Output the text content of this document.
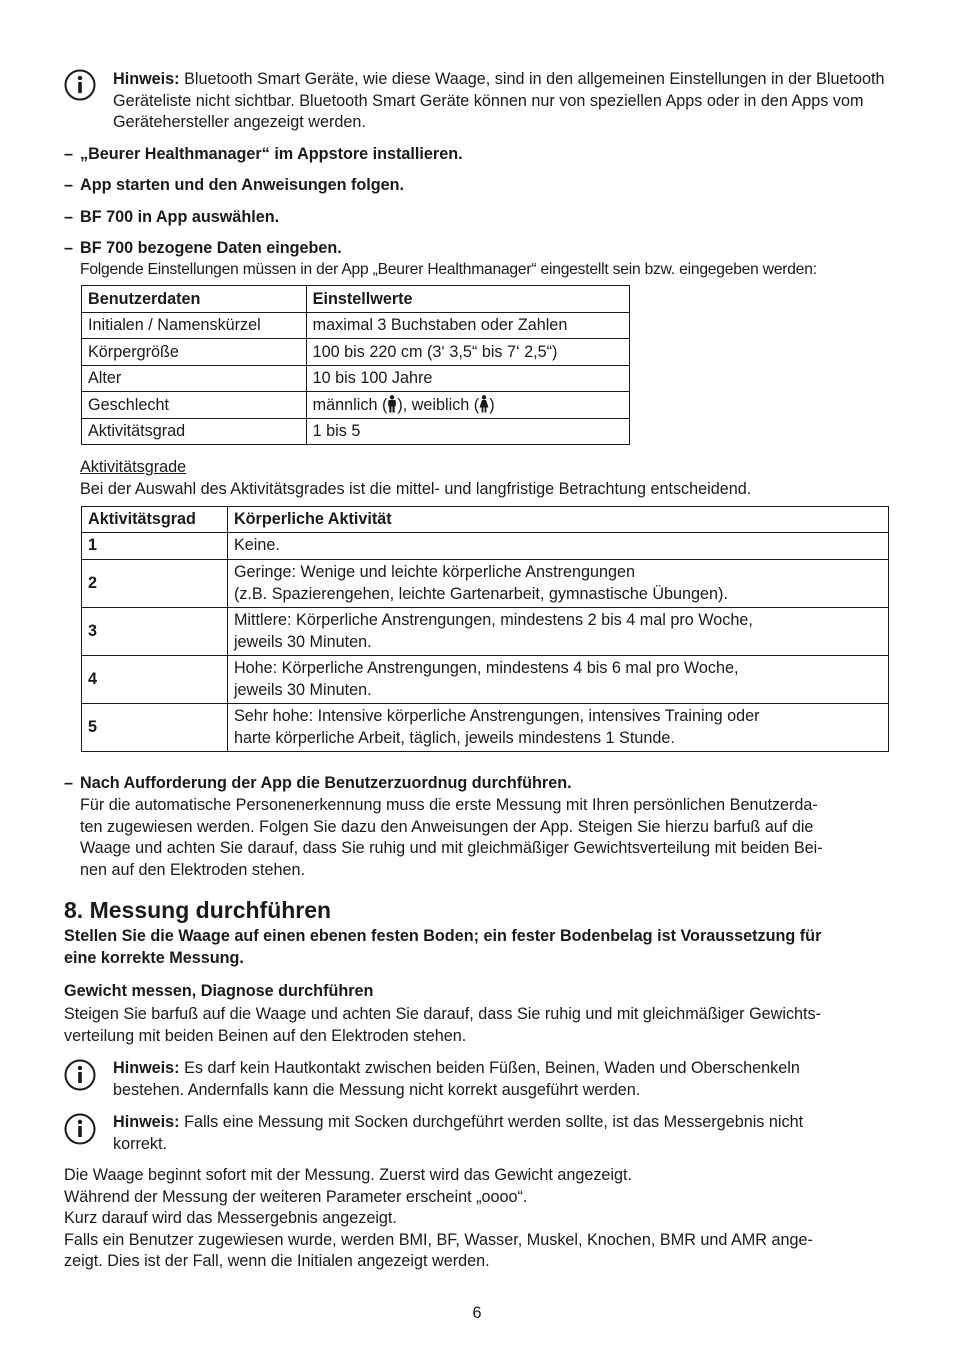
Hinweis: Bluetooth Smart Geräte, wie diese Waage, sind in den allgemeinen Einstellungen in der Bluetooth Geräteliste nicht sichtbar. Bluetooth Smart Geräte können nur von speziellen Apps oder in den Apps vom Gerätehersteller angezeigt werden.
– „Beurer Healthmanager“ im Appstore installieren.
– App starten und den Anweisungen folgen.
– BF 700 in App auswählen.
– BF 700 bezogene Daten eingeben.
Folgende Einstellungen müssen in der App „Beurer Healthmanager“ eingestellt sein bzw. eingegeben werden:
Benutzerdaten	Einstellwerte
Initialen / Namenskürzel	maximal 3 Buchstaben oder Zahlen
Körpergröße	100 bis 220 cm (3‘ 3,5“ bis 7‘ 2,5“)
Alter	10 bis 100 Jahre
Geschlecht	männlich ( ), weiblich ( )
Aktivitätsgrad	1 bis 5
Aktivitätsgrade
Bei der Auswahl des Aktivitätsgrades ist die mittel- und langfristige Betrachtung entscheidend.
Aktivitätsgrad	Körperliche Aktivität
1	Keine.
2	Geringe: Wenige und leichte körperliche Anstrengungen
(z.B. Spazierengehen, leichte Gartenarbeit, gymnastische Übungen).

3	Mittlere: Körperliche Anstrengungen, mindestens 2 bis 4 mal pro Woche,
jeweils 30 Minuten.

4	Hohe: Körperliche Anstrengungen, mindestens 4 bis 6 mal pro Woche,
jeweils 30 Minuten.

5	Sehr hohe: Intensive körperliche Anstrengungen, intensives Training oder
harte körperliche Arbeit, täglich, jeweils mindestens 1 Stunde.
– Nach Aufforderung der App die Benutzerzuordnug durchführen.
Für die automatische Personenerkennung muss die erste Messung mit Ihren persönlichen Benutzerda-
ten zugewiesen werden. Folgen Sie dazu den Anweisungen der App. Steigen Sie hierzu barfuß auf die
Waage und achten Sie darauf, dass Sie ruhig und mit gleichmäßiger Gewichtsverteilung mit beiden Bei-
nen auf den Elektroden stehen.
8. Messung durchführen
Stellen Sie die Waage auf einen ebenen festen Boden; ein fester Bodenbelag ist Voraussetzung für
eine korrekte Messung.
Gewicht messen, Diagnose durchführen
Steigen Sie barfuß auf die Waage und achten Sie darauf, dass Sie ruhig und mit gleichmäßiger Gewichts-
verteilung mit beiden Beinen auf den Elektroden stehen.
Hinweis: Es darf kein Hautkontakt zwischen beiden Füßen, Beinen, Waden und Oberschenkeln
bestehen. Andernfalls kann die Messung nicht korrekt ausgeführt werden.
Hinweis: Falls eine Messung mit Socken durchgeführt werden sollte, ist das Messergebnis nicht
korrekt.
Die Waage beginnt sofort mit der Messung. Zuerst wird das Gewicht angezeigt.
Während der Messung der weiteren Parameter erscheint „oooo“.
Kurz darauf wird das Messergebnis angezeigt.
Falls ein Benutzer zugewiesen wurde, werden BMI, BF, Wasser, Muskel, Knochen, BMR und AMR ange-
zeigt. Dies ist der Fall, wenn die Initialen angezeigt werden.
6
